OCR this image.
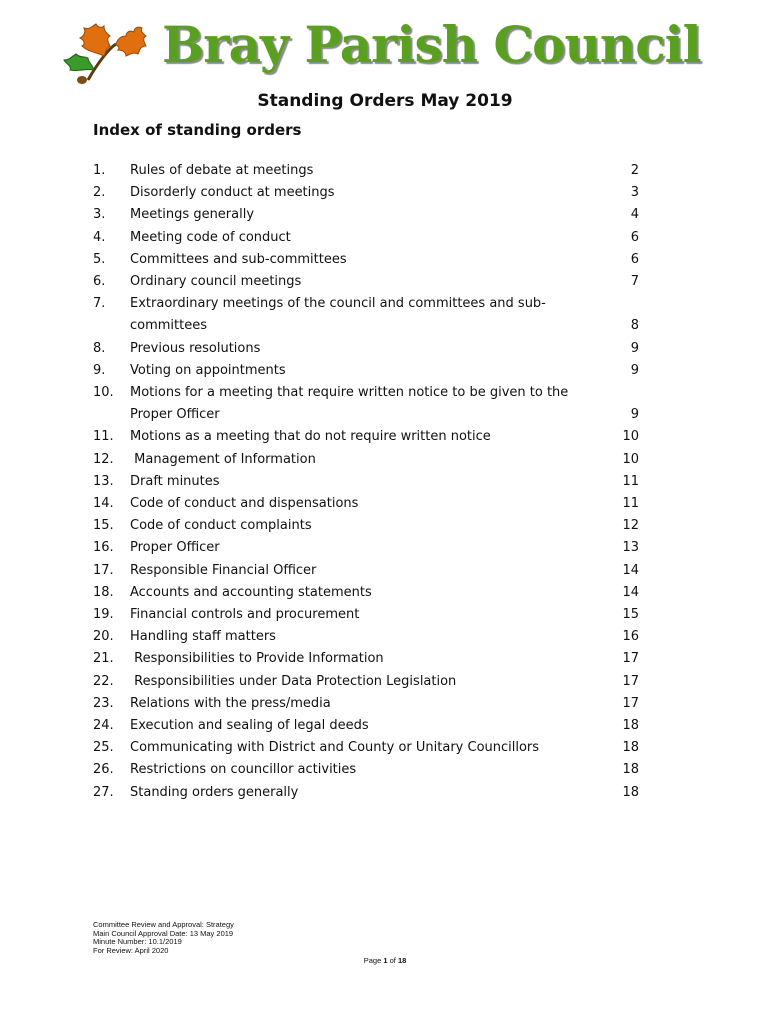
Bray Parish Council
Standing Orders May 2019
Index of standing orders
1. Rules of debate at meetings	2
2. Disorderly conduct at meetings	3
3. Meetings generally	4
4. Meeting code of conduct	6
5. Committees and sub-committees	6
6. Ordinary council meetings	7
7. Extraordinary meetings of the council and committees and sub-committees	8
8. Previous resolutions	9
9. Voting on appointments	9
10. Motions for a meeting that require written notice to be given to the Proper Officer	9
11. Motions as a meeting that do not require written notice	10
12. Management of Information	10
13. Draft minutes	11
14. Code of conduct and dispensations	11
15. Code of conduct complaints	12
16. Proper Officer	13
17. Responsible Financial Officer	14
18. Accounts and accounting statements	14
19. Financial controls and procurement	15
20. Handling staff matters	16
21. Responsibilities to Provide Information	17
22. Responsibilities under Data Protection Legislation	17
23. Relations with the press/media	17
24. Execution and sealing of legal deeds	18
25. Communicating with District and County or Unitary Councillors	18
26. Restrictions on councillor activities	18
27. Standing orders generally	18
Committee Review and Approval: Strategy
Main Council Approval Date: 13 May 2019
Minute Number: 10.1/2019
For Review: April 2020
Page 1 of 18
